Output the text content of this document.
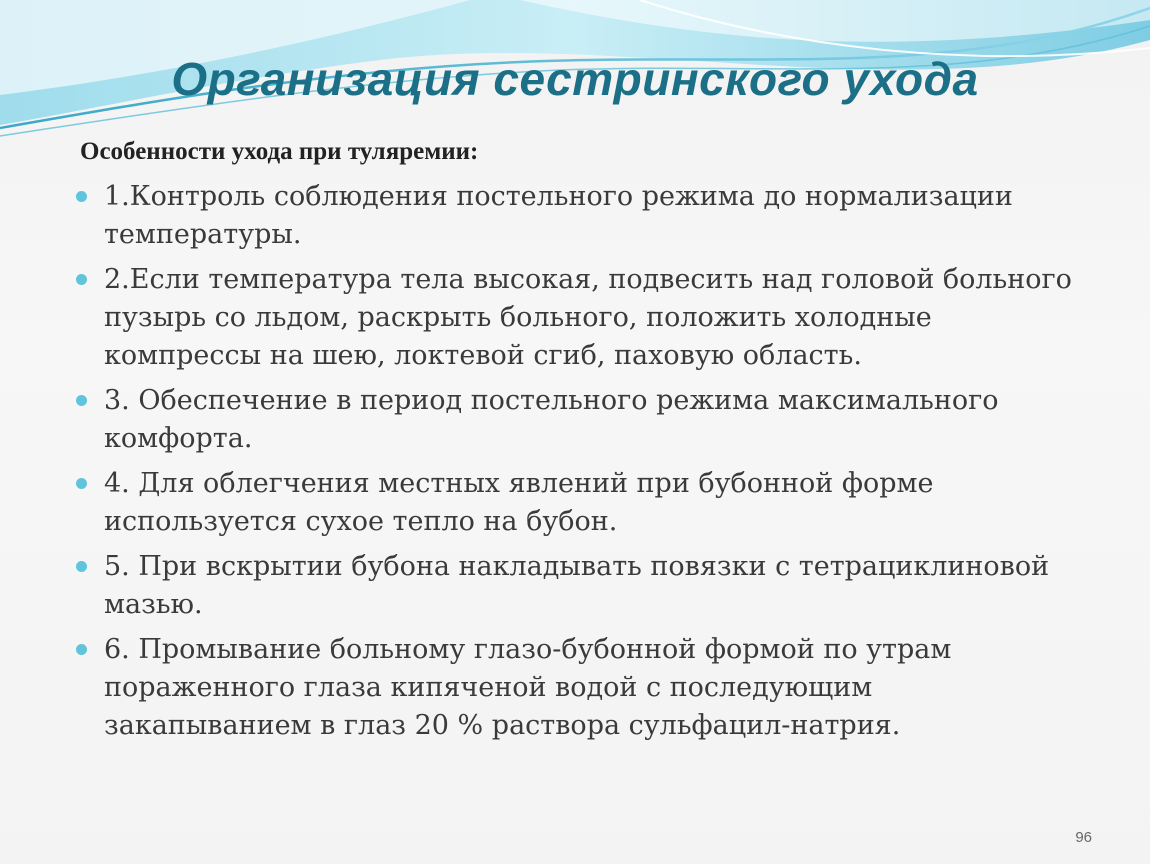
Организация сестринского ухода

Особенности ухода при туляремии:

1.Контроль соблюдения постельного режима до нормализации температуры.
2.Если температура тела высокая, подвесить над головой больного пузырь со льдом, раскрыть больного, положить холодные компрессы на шею, локтевой сгиб, паховую область.
3. Обеспечение в период постельного режима максимального комфорта.
4. Для облегчения местных явлений при бубонной форме используется сухое тепло на бубон.
5. При вскрытии бубона накладывать повязки с тетрациклиновой мазью.
6. Промывание больному глазо-бубонной формой по утрам пораженного глаза кипяченой водой с последующим закапыванием в глаз 20 % раствора сульфацил-натрия.
96
